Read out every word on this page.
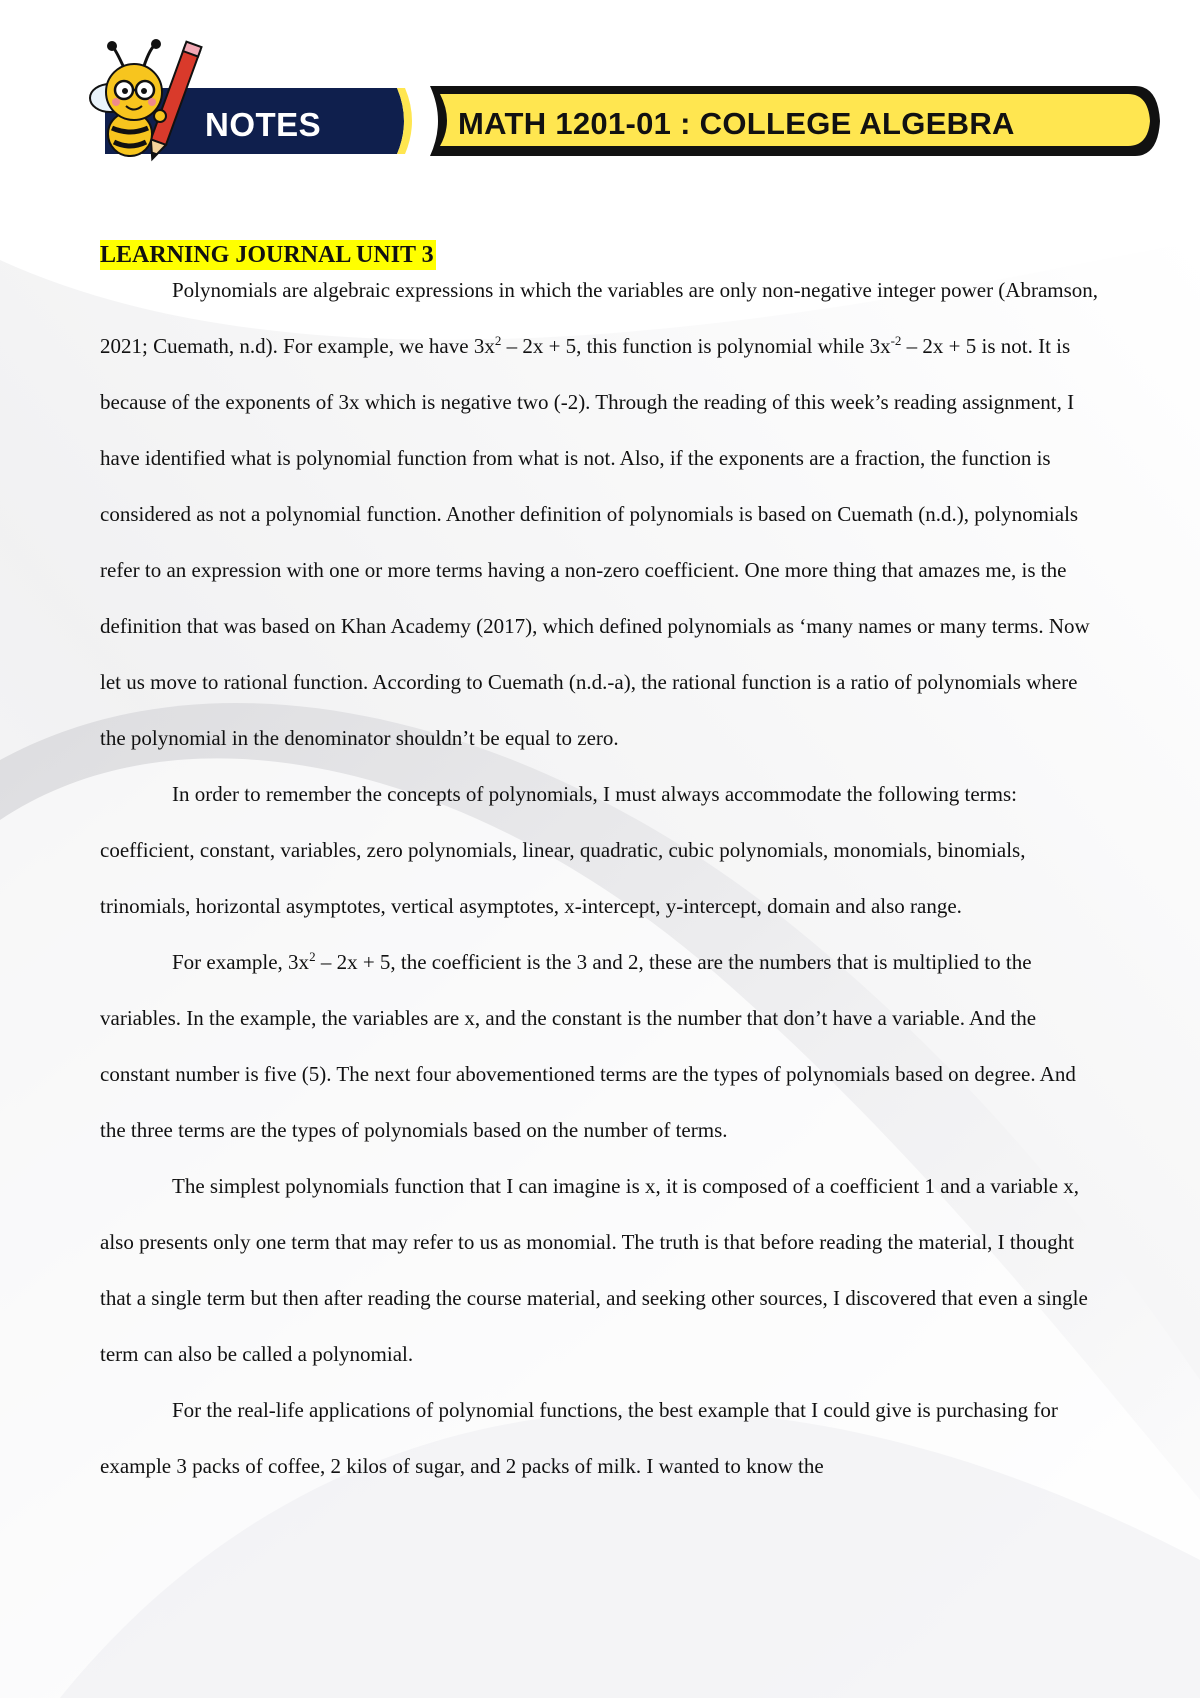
NOTES	MATH 1201-01 : COLLEGE ALGEBRA
LEARNING JOURNAL UNIT 3

Polynomials are algebraic expressions in which the variables are only non-negative integer power (Abramson, 2021; Cuemath, n.d). For example, we have $3x^2 - 2x + 5$, this function is polynomial while $3x^{-2} - 2x + 5$ is not. It is because of the exponents of 3x which is negative two (-2). Through the reading of this week’s reading assignment, I have identified what is polynomial function from what is not. Also, if the exponents are a fraction, the function is considered as not a polynomial function. Another definition of polynomials is based on Cuemath (n.d.), polynomials refer to an expression with one or more terms having a non-zero coefficient. One more thing that amazes me, is the definition that was based on Khan Academy (2017), which defined polynomials as ‘many names or many terms. Now let us move to rational function. According to Cuemath (n.d.-a), the rational function is a ratio of polynomials where the polynomial in the denominator shouldn’t be equal to zero.

In order to remember the concepts of polynomials, I must always accommodate the following terms: coefficient, constant, variables, zero polynomials, linear, quadratic, cubic polynomials, monomials, binomials, trinomials, horizontal asymptotes, vertical asymptotes, x-intercept, y-intercept, domain and also range.

For example, $3x^2 - 2x + 5$, the coefficient is the 3 and 2, these are the numbers that is multiplied to the variables. In the example, the variables are x, and the constant is the number that don’t have a variable. And the constant number is five (5). The next four abovementioned terms are the types of polynomials based on degree. And the three terms are the types of polynomials based on the number of terms.

The simplest polynomials function that I can imagine is x, it is composed of a coefficient 1 and a variable x, also presents only one term that may refer to us as monomial. The truth is that before reading the material, I thought that a single term but then after reading the course material, and seeking other sources, I discovered that even a single term can also be called a polynomial.

For the real-life applications of polynomial functions, the best example that I could give is purchasing for example 3 packs of coffee, 2 kilos of sugar, and 2 packs of milk. I wanted to know the
